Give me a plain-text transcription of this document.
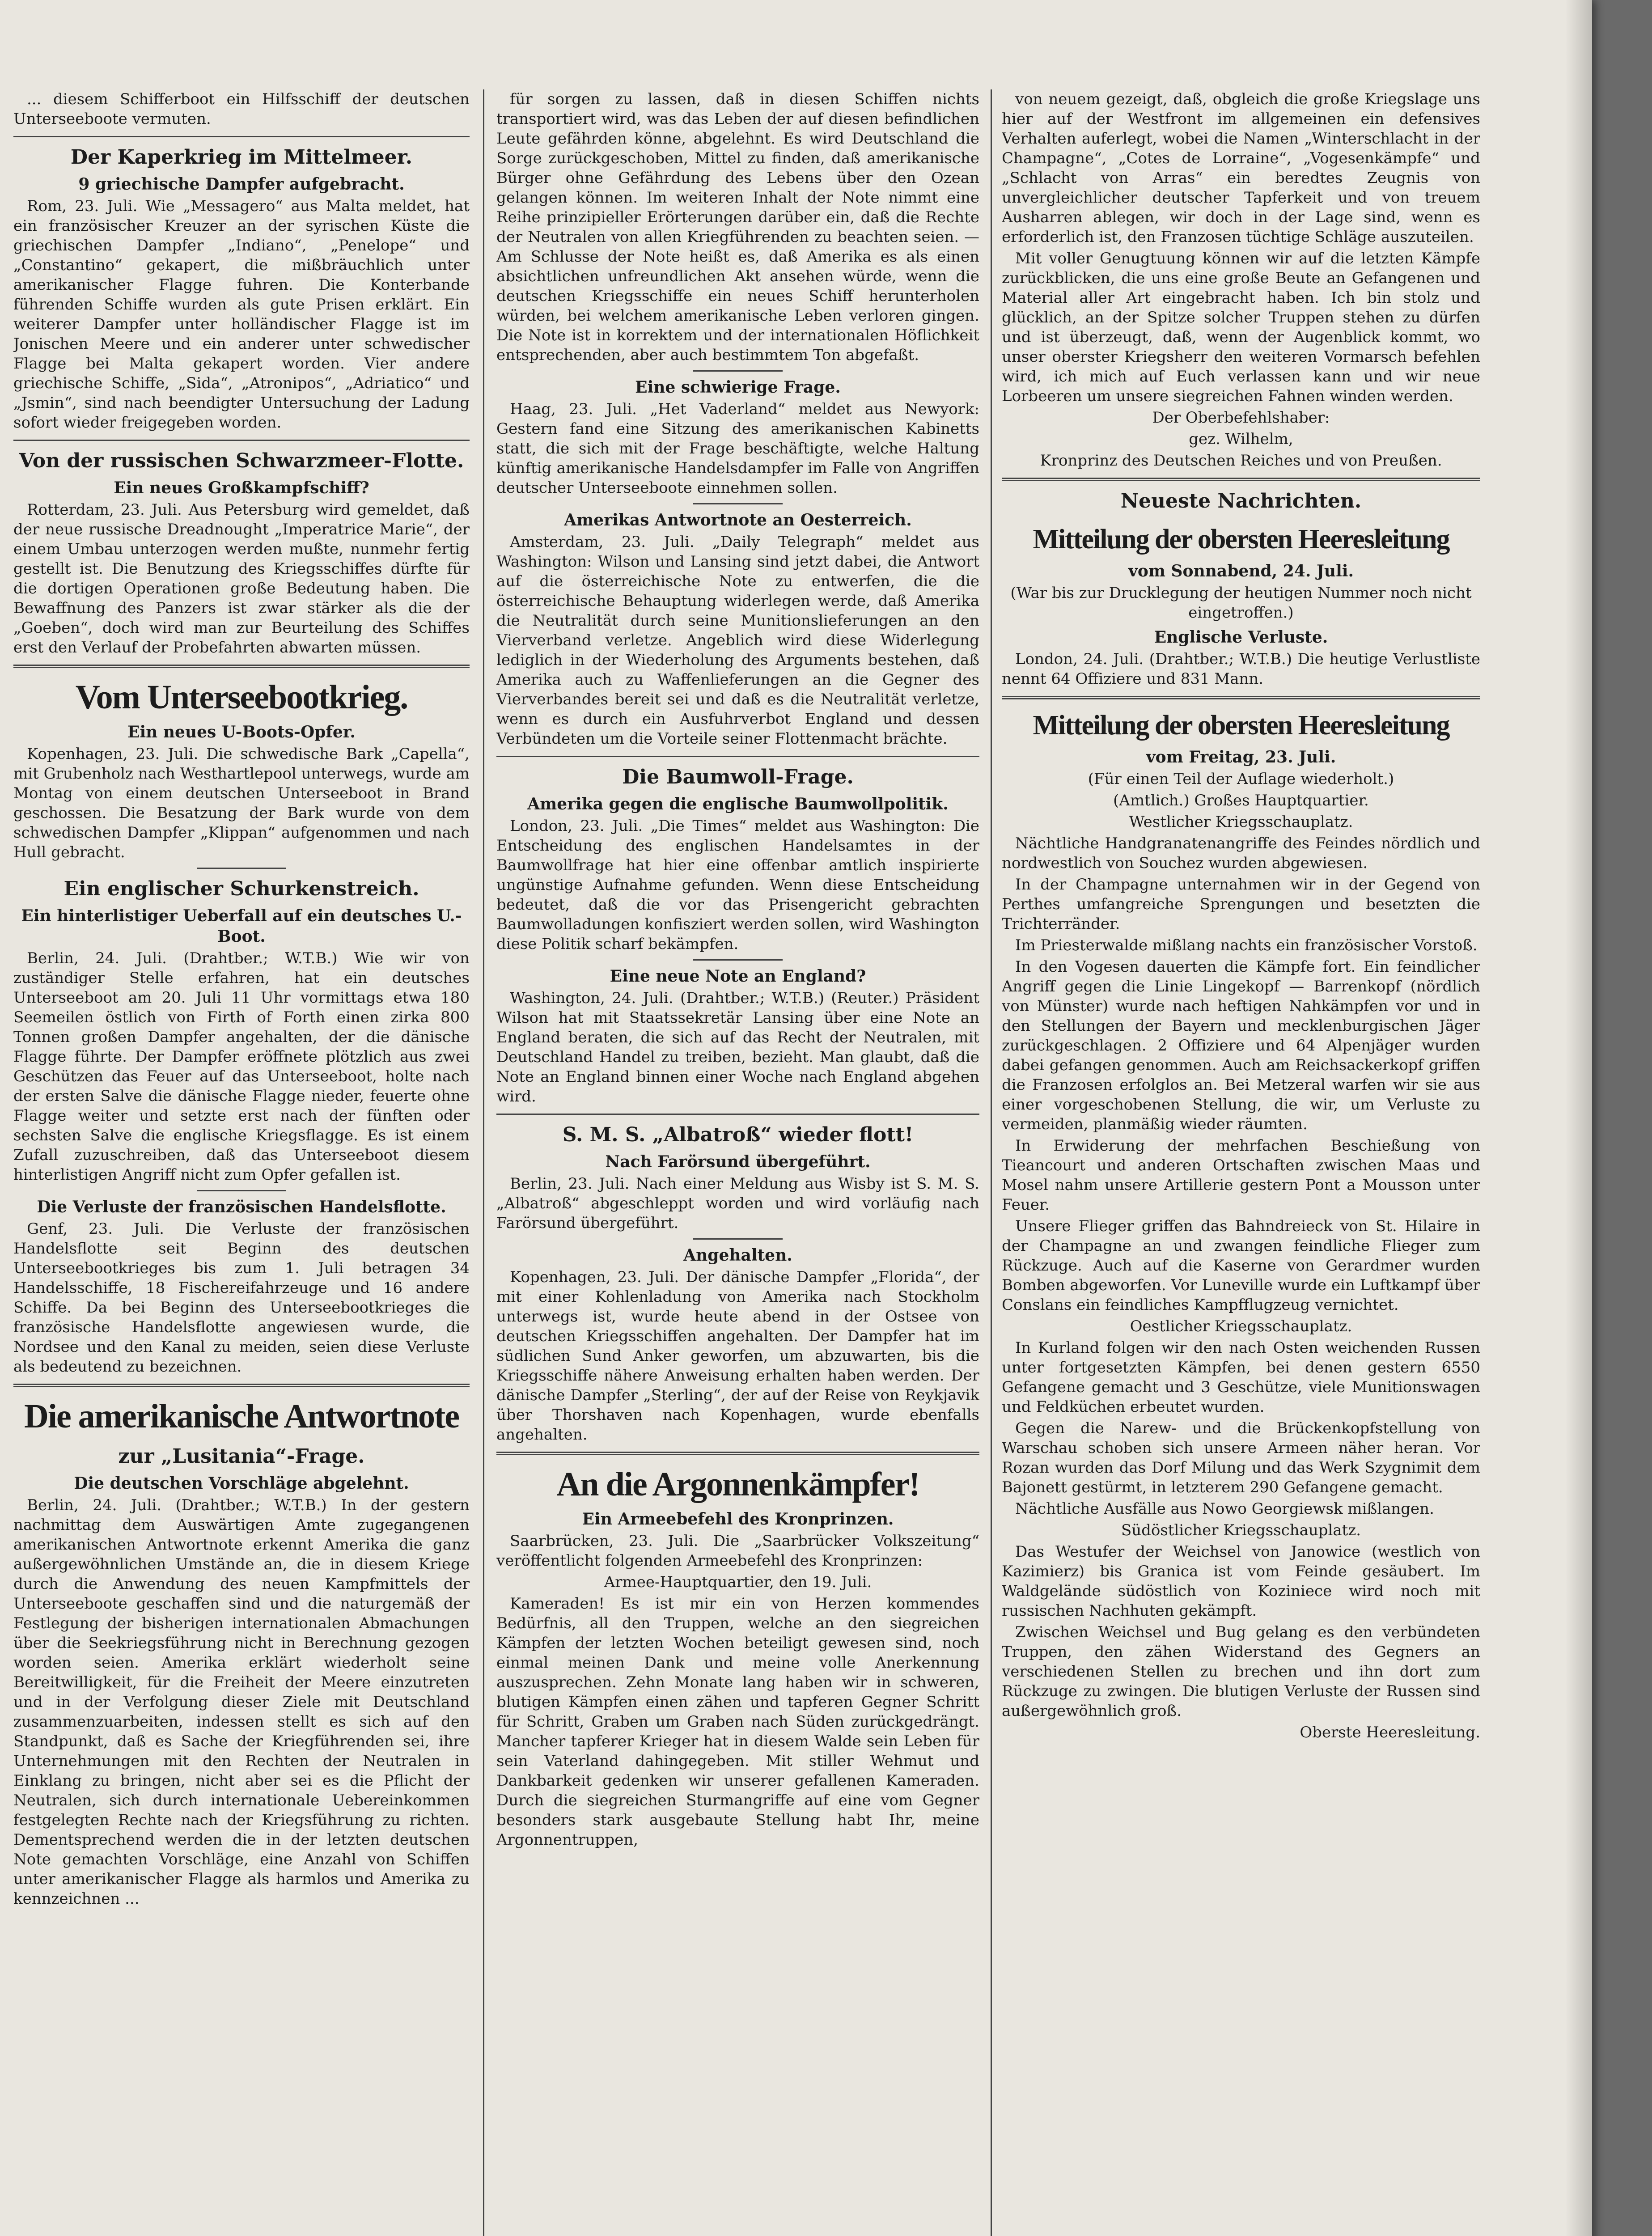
... diesem Schifferboot ein Hilfsschiff der deutschen Unterseeboote vermuten.

Der Kaperkrieg im Mittelmeer.
9 griechische Dampfer aufgebracht.

Rom, 23. Juli. Wie „Messagero“ aus Malta meldet, hat ein französischer Kreuzer an der syrischen Küste die griechischen Dampfer „Indiano“, „Penelope“ und „Constantino“ gekapert, die mißbräuchlich unter amerikanischer Flagge fuhren. Die Konterbande führenden Schiffe wurden als gute Prisen erklärt. Ein weiterer Dampfer unter holländischer Flagge ist im Jonischen Meere und ein anderer unter schwedischer Flagge bei Malta gekapert worden. Vier andere griechische Schiffe, „Sida“, „Atronipos“, „Adriatico“ und „Jsmin“, sind nach beendigter Untersuchung der Ladung sofort wieder freigegeben worden.

Von der russischen Schwarzmeer-Flotte.
Ein neues Großkampfschiff?

Rotterdam, 23. Juli. Aus Petersburg wird gemeldet, daß der neue russische Dreadnought „Imperatrice Marie“, der einem Umbau unterzogen werden mußte, nunmehr fertig gestellt ist. Die Benutzung des Kriegsschiffes dürfte für die dortigen Operationen große Bedeutung haben. Die Bewaffnung des Panzers ist zwar stärker als die der „Goeben“, doch wird man zur Beurteilung des Schiffes erst den Verlauf der Probefahrten abwarten müssen.

Vom Unterseebootkrieg.
Ein neues U-Boots-Opfer.

Kopenhagen, 23. Juli. Die schwedische Bark „Capella“, mit Grubenholz nach Westhartlepool unterwegs, wurde am Montag von einem deutschen Unterseeboot in Brand geschossen. Die Besatzung der Bark wurde von dem schwedischen Dampfer „Klippan“ aufgenommen und nach Hull gebracht.

Ein englischer Schurkenstreich.
Ein hinterlistiger Ueberfall auf ein deutsches U.-Boot.

Berlin, 24. Juli. (Drahtber.; W.T.B.) Wie wir von zuständiger Stelle erfahren, hat ein deutsches Unterseeboot am 20. Juli 11 Uhr vormittags etwa 180 Seemeilen östlich von Firth of Forth einen zirka 800 Tonnen großen Dampfer angehalten, der die dänische Flagge führte. Der Dampfer eröffnete plötzlich aus zwei Geschützen das Feuer auf das Unterseeboot, holte nach der ersten Salve die dänische Flagge nieder, feuerte ohne Flagge weiter und setzte erst nach der fünften oder sechsten Salve die englische Kriegsflagge. Es ist einem Zufall zuzuschreiben, daß das Unterseeboot diesem hinterlistigen Angriff nicht zum Opfer gefallen ist.

Die Verluste der französischen Handelsflotte.

Genf, 23. Juli. Die Verluste der französischen Handelsflotte seit Beginn des deutschen Unterseebootkrieges bis zum 1. Juli betragen 34 Handelsschiffe, 18 Fischereifahrzeuge und 16 andere Schiffe. Da bei Beginn des Unterseebootkrieges die französische Handelsflotte angewiesen wurde, die Nordsee und den Kanal zu meiden, seien diese Verluste als bedeutend zu bezeichnen.

Die amerikanische Antwortnote
zur „Lusitania“-Frage.
Die deutschen Vorschläge abgelehnt.

Berlin, 24. Juli. (Drahtber.; W.T.B.) In der gestern nachmittag dem Auswärtigen Amte zugegangenen amerikanischen Antwortnote erkennt Amerika die ganz außergewöhnlichen Umstände an, die in diesem Kriege durch die Anwendung des neuen Kampfmittels der Unterseeboote geschaffen sind und die naturgemäß der Festlegung der bisherigen internationalen Abmachungen über die Seekriegsführung nicht in Berechnung gezogen worden seien. Amerika erklärt wiederholt seine Bereitwilligkeit, für die Freiheit der Meere einzutreten und in der Verfolgung dieser Ziele mit Deutschland zusammenzuarbeiten, indessen stellt es sich auf den Standpunkt, daß es Sache der Kriegführenden sei, ihre Unternehmungen mit den Rechten der Neutralen in Einklang zu bringen, nicht aber sei es die Pflicht der Neutralen, sich durch internationale Uebereinkommen festgelegten Rechte nach der Kriegsführung zu richten. Dementsprechend werden die in der letzten deutschen Note gemachten Vorschläge, eine Anzahl von Schiffen unter amerikanischer Flagge als harmlos und Amerika zu kennzeichnen ...

für sorgen zu lassen, daß in diesen Schiffen nichts transportiert wird, was das Leben der auf diesen befindlichen Leute gefährden könne, abgelehnt. Es wird Deutschland die Sorge zurückgeschoben, Mittel zu finden, daß amerikanische Bürger ohne Gefährdung des Lebens über den Ozean gelangen können. Im weiteren Inhalt der Note nimmt eine Reihe prinzipieller Erörterungen darüber ein, daß die Rechte der Neutralen von allen Kriegführenden zu beachten seien. — Am Schlusse der Note heißt es, daß Amerika es als einen absichtlichen unfreundlichen Akt ansehen würde, wenn die deutschen Kriegsschiffe ein neues Schiff herunterholen würden, bei welchem amerikanische Leben verloren gingen. Die Note ist in korrektem und der internationalen Höflichkeit entsprechenden, aber auch bestimmtem Ton abgefaßt.

Eine schwierige Frage.

Haag, 23. Juli. „Het Vaderland“ meldet aus Newyork: Gestern fand eine Sitzung des amerikanischen Kabinetts statt, die sich mit der Frage beschäftigte, welche Haltung künftig amerikanische Handelsdampfer im Falle von Angriffen deutscher Unterseeboote einnehmen sollen.

Amerikas Antwortnote an Oesterreich.

Amsterdam, 23. Juli. „Daily Telegraph“ meldet aus Washington: Wilson und Lansing sind jetzt dabei, die Antwort auf die österreichische Note zu entwerfen, die die österreichische Behauptung widerlegen werde, daß Amerika die Neutralität durch seine Munitionslieferungen an den Vierverband verletze. Angeblich wird diese Widerlegung lediglich in der Wiederholung des Arguments bestehen, daß Amerika auch zu Waffenlieferungen an die Gegner des Vierverbandes bereit sei und daß es die Neutralität verletze, wenn es durch ein Ausfuhrverbot England und dessen Verbündeten um die Vorteile seiner Flottenmacht brächte.

Die Baumwoll-Frage.
Amerika gegen die englische Baumwollpolitik.

London, 23. Juli. „Die Times“ meldet aus Washington: Die Entscheidung des englischen Handelsamtes in der Baumwollfrage hat hier eine offenbar amtlich inspirierte ungünstige Aufnahme gefunden. Wenn diese Entscheidung bedeutet, daß die vor das Prisengericht gebrachten Baumwolladungen konfisziert werden sollen, wird Washington diese Politik scharf bekämpfen.

Eine neue Note an England?

Washington, 24. Juli. (Drahtber.; W.T.B.) (Reuter.) Präsident Wilson hat mit Staatssekretär Lansing über eine Note an England beraten, die sich auf das Recht der Neutralen, mit Deutschland Handel zu treiben, bezieht. Man glaubt, daß die Note an England binnen einer Woche nach England abgehen wird.

S. M. S. „Albatroß“ wieder flott!
Nach Farörsund übergeführt.

Berlin, 23. Juli. Nach einer Meldung aus Wisby ist S. M. S. „Albatroß“ abgeschleppt worden und wird vorläufig nach Farörsund übergeführt.

Angehalten.

Kopenhagen, 23. Juli. Der dänische Dampfer „Florida“, der mit einer Kohlenladung von Amerika nach Stockholm unterwegs ist, wurde heute abend in der Ostsee von deutschen Kriegsschiffen angehalten. Der Dampfer hat im südlichen Sund Anker geworfen, um abzuwarten, bis die Kriegsschiffe nähere Anweisung erhalten haben werden. Der dänische Dampfer „Sterling“, der auf der Reise von Reykjavik über Thorshaven nach Kopenhagen, wurde ebenfalls angehalten.

An die Argonnenkämpfer!
Ein Armeebefehl des Kronprinzen.

Saarbrücken, 23. Juli. Die „Saarbrücker Volkszeitung“ veröffentlicht folgenden Armeebefehl des Kronprinzen:

Armee-Hauptquartier, den 19. Juli.

Kameraden! Es ist mir ein von Herzen kommendes Bedürfnis, all den Truppen, welche an den siegreichen Kämpfen der letzten Wochen beteiligt gewesen sind, noch einmal meinen Dank und meine volle Anerkennung auszusprechen. Zehn Monate lang haben wir in schweren, blutigen Kämpfen einen zähen und tapferen Gegner Schritt für Schritt, Graben um Graben nach Süden zurückgedrängt. Mancher tapferer Krieger hat in diesem Walde sein Leben für sein Vaterland dahingegeben. Mit stiller Wehmut und Dankbarkeit gedenken wir unserer gefallenen Kameraden. Durch die siegreichen Sturmangriffe auf eine vom Gegner besonders stark ausgebaute Stellung habt Ihr, meine Argonnentruppen,

von neuem gezeigt, daß, obgleich die große Kriegslage uns hier auf der Westfront im allgemeinen ein defensives Verhalten auferlegt, wobei die Namen „Winterschlacht in der Champagne“, „Cotes de Lorraine“, „Vogesenkämpfe“ und „Schlacht von Arras“ ein beredtes Zeugnis von unvergleichlicher deutscher Tapferkeit und von treuem Ausharren ablegen, wir doch in der Lage sind, wenn es erforderlich ist, den Franzosen tüchtige Schläge auszuteilen.

Mit voller Genugtuung können wir auf die letzten Kämpfe zurückblicken, die uns eine große Beute an Gefangenen und Material aller Art eingebracht haben. Ich bin stolz und glücklich, an der Spitze solcher Truppen stehen zu dürfen und ist überzeugt, daß, wenn der Augenblick kommt, wo unser oberster Kriegsherr den weiteren Vormarsch befehlen wird, ich mich auf Euch verlassen kann und wir neue Lorbeeren um unsere siegreichen Fahnen winden werden.

Der Oberbefehlshaber:

gez. Wilhelm,

Kronprinz des Deutschen Reiches und von Preußen.

Neueste Nachrichten.
Mitteilung der obersten Heeresleitung
vom Sonnabend, 24. Juli.

(War bis zur Drucklegung der heutigen Nummer noch nicht eingetroffen.)

Englische Verluste.

London, 24. Juli. (Drahtber.; W.T.B.) Die heutige Verlustliste nennt 64 Offiziere und 831 Mann.

Mitteilung der obersten Heeresleitung
vom Freitag, 23. Juli.

(Für einen Teil der Auflage wiederholt.)

(Amtlich.) Großes Hauptquartier.

Westlicher Kriegsschauplatz.

Nächtliche Handgranatenangriffe des Feindes nördlich und nordwestlich von Souchez wurden abgewiesen.

In der Champagne unternahmen wir in der Gegend von Perthes umfangreiche Sprengungen und besetzten die Trichterränder.

Im Priesterwalde mißlang nachts ein französischer Vorstoß.

In den Vogesen dauerten die Kämpfe fort. Ein feindlicher Angriff gegen die Linie Lingekopf — Barrenkopf (nördlich von Münster) wurde nach heftigen Nahkämpfen vor und in den Stellungen der Bayern und mecklenburgischen Jäger zurückgeschlagen. 2 Offiziere und 64 Alpenjäger wurden dabei gefangen genommen. Auch am Reichsackerkopf griffen die Franzosen erfolglos an. Bei Metzeral warfen wir sie aus einer vorgeschobenen Stellung, die wir, um Verluste zu vermeiden, planmäßig wieder räumten.

In Erwiderung der mehrfachen Beschießung von Tieancourt und anderen Ortschaften zwischen Maas und Mosel nahm unsere Artillerie gestern Pont a Mousson unter Feuer.

Unsere Flieger griffen das Bahndreieck von St. Hilaire in der Champagne an und zwangen feindliche Flieger zum Rückzuge. Auch auf die Kaserne von Gerardmer wurden Bomben abgeworfen. Vor Luneville wurde ein Luftkampf über Conslans ein feindliches Kampfflugzeug vernichtet.

Oestlicher Kriegsschauplatz.

In Kurland folgen wir den nach Osten weichenden Russen unter fortgesetzten Kämpfen, bei denen gestern 6550 Gefangene gemacht und 3 Geschütze, viele Munitionswagen und Feldküchen erbeutet wurden.

Gegen die Narew- und die Brückenkopfstellung von Warschau schoben sich unsere Armeen näher heran. Vor Rozan wurden das Dorf Milung und das Werk Szygnimit dem Bajonett gestürmt, in letzterem 290 Gefangene gemacht.

Nächtliche Ausfälle aus Nowo Georgiewsk mißlangen.

Südöstlicher Kriegsschauplatz.

Das Westufer der Weichsel von Janowice (westlich von Kazimierz) bis Granica ist vom Feinde gesäubert. Im Waldgelände südöstlich von Koziniece wird noch mit russischen Nachhuten gekämpft.

Zwischen Weichsel und Bug gelang es den verbündeten Truppen, den zähen Widerstand des Gegners an verschiedenen Stellen zu brechen und ihn dort zum Rückzuge zu zwingen. Die blutigen Verluste der Russen sind außergewöhnlich groß.

Oberste Heeresleitung.
